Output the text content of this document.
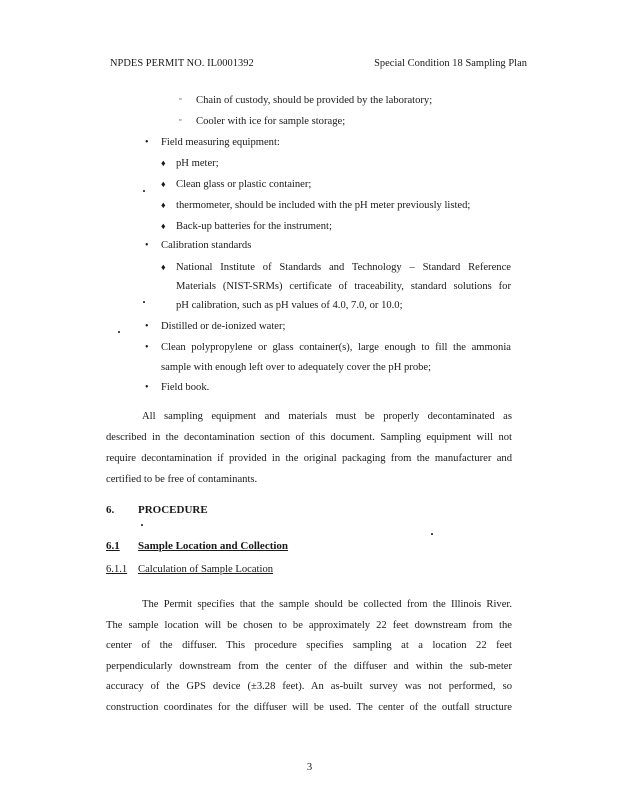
NPDES PERMIT NO. IL0001392	Special Condition 18 Sampling Plan
▫ Chain of custody, should be provided by the laboratory;
▫ Cooler with ice for sample storage;
• Field measuring equipment:
♦ pH meter;
♦ Clean glass or plastic container;
♦ thermometer, should be included with the pH meter previously listed;
♦ Back-up batteries for the instrument;
• Calibration standards
♦ National Institute of Standards and Technology – Standard Reference
Materials (NIST-SRMs) certificate of traceability, standard solutions for
pH calibration, such as pH values of 4.0, 7.0, or 10.0;
• Distilled or de-ionized water;
• Clean polypropylene or glass container(s), large enough to fill the ammonia
sample with enough left over to adequately cover the pH probe;
• Field book.
All sampling equipment and materials must be properly decontaminated as
described in the decontamination section of this document. Sampling equipment will not
require decontamination if provided in the original packaging from the manufacturer and
certified to be free of contaminants.
6. PROCEDURE
6.1 Sample Location and Collection
6.1.1 Calculation of Sample Location
The Permit specifies that the sample should be collected from the Illinois River.
The sample location will be chosen to be approximately 22 feet downstream from the
center of the diffuser. This procedure specifies sampling at a location 22 feet
perpendicularly downstream from the center of the diffuser and within the sub-meter
accuracy of the GPS device (±3.28 feet). An as-built survey was not performed, so
construction coordinates for the diffuser will be used. The center of the outfall structure
3
